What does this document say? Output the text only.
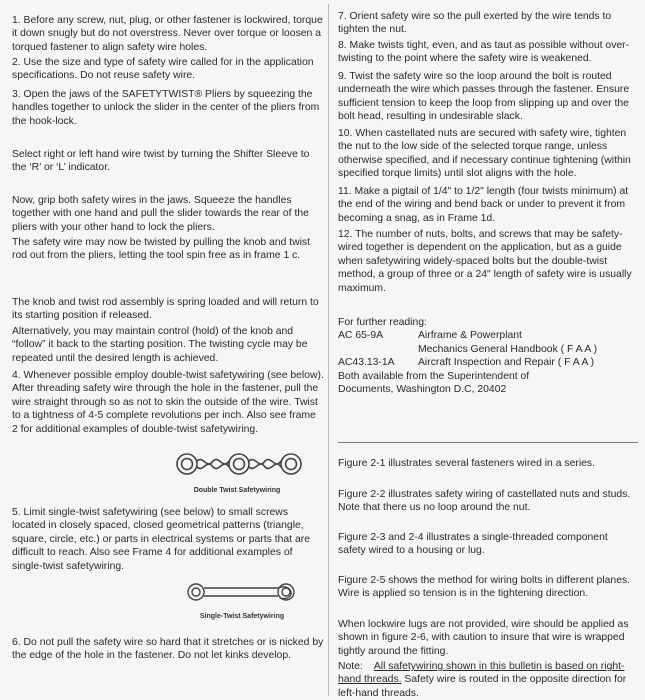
1. Before any screw, nut, plug, or other fastener is lockwired, torque it down snugly but do not overstress. Never over torque or loosen a torqued fastener to align safety wire holes.

2. Use the size and type of safety wire called for in the application specifications. Do not reuse safety wire.

3. Open the jaws of the SAFETYTWIST® Pliers by squeezing the handles together to unlock the slider in the center of the pliers from the hook-lock.

Select right or left hand wire twist by turning the Shifter Sleeve to the ‘R’ or ‘L’ indicator.

Now, grip both safety wires in the jaws. Squeeze the handles together with one hand and pull the slider towards the rear of the pliers with your other hand to lock the pliers.

The safety wire may now be twisted by pulling the knob and twist rod out from the pliers, letting the tool spin free as in frame 1 c.

The knob and twist rod assembly is spring loaded and will return to its starting position if released.

Alternatively, you may maintain control (hold) of the knob and “follow” it back to the starting position. The twisting cycle may be repeated until the desired length is achieved.

4. Whenever possible employ double-twist safetywiring (see below). After threading safety wire through the hole in the fastener, pull the wire straight through so as not to skin the outside of the wire. Twist to a tightness of 4-5 complete revolutions per inch. Also see frame 2 for additional examples of double-twist safetywiring.

Double Twist Safetywiring

5. Limit single-twist safetywiring (see below) to small screws located in closely spaced, closed geometrical patterns (triangle, square, circle, etc.) or parts in electrical systems or parts that are difficult to reach. Also see Frame 4 for additional examples of single-twist safetywiring.

Single-Twist Safetywiring

6. Do not pull the safety wire so hard that it stretches or is nicked by the edge of the hole in the fastener. Do not let kinks develop.

7. Orient safety wire so the pull exerted by the wire tends to tighten the nut.

8. Make twists tight, even, and as taut as possible without over-twisting to the point where the safety wire is weakened.

9. Twist the safety wire so the loop around the bolt is routed underneath the wire which passes through the fastener. Ensure sufficient tension to keep the loop from slipping up and over the bolt head, resulting in undesirable slack.

10. When castellated nuts are secured with safety wire, tighten the nut to the low side of the selected torque range, unless otherwise specified, and if necessary continue tightening (within specified torque limits) until slot aligns with the hole.

11. Make a pigtail of 1/4" to 1/2" length (four twists minimum) at the end of the wiring and bend back or under to prevent it from becoming a snag, as in Frame 1d.

12. The number of nuts, bolts, and screws that may be safety-wired together is dependent on the application, but as a guide when safetywiring widely-spaced bolts but the double-twist method, a group of three or a 24" length of safety wire is usually maximum.

For further reading:

AC 65-9A	Airframe & Powerplant
	Mechanics General Handbook ( F A A )
AC43.13-1A	Aircraft Inspection and Repair ( F A A )

Both available from the Superintendent of

Documents, Washington D.C, 20402

Figure 2-1 illustrates several fasteners wired in a series.

Figure 2-2 illustrates safety wiring of castellated nuts and studs. Note that there us no loop around the nut.

Figure 2-3 and 2-4 illustrates a single-threaded component safety wired to a housing or lug.

Figure 2-5 shows the method for wiring bolts in different planes. Wire is applied so tension is in the tightening direction.

When lockwire lugs are not provided, wire should be applied as shown in figure 2-6, with caution to insure that wire is wrapped tightly around the fitting.

Note: All safetywiring shown in this bulletin is based on right-hand threads. Safety wire is routed in the opposite direction for left-hand threads.
